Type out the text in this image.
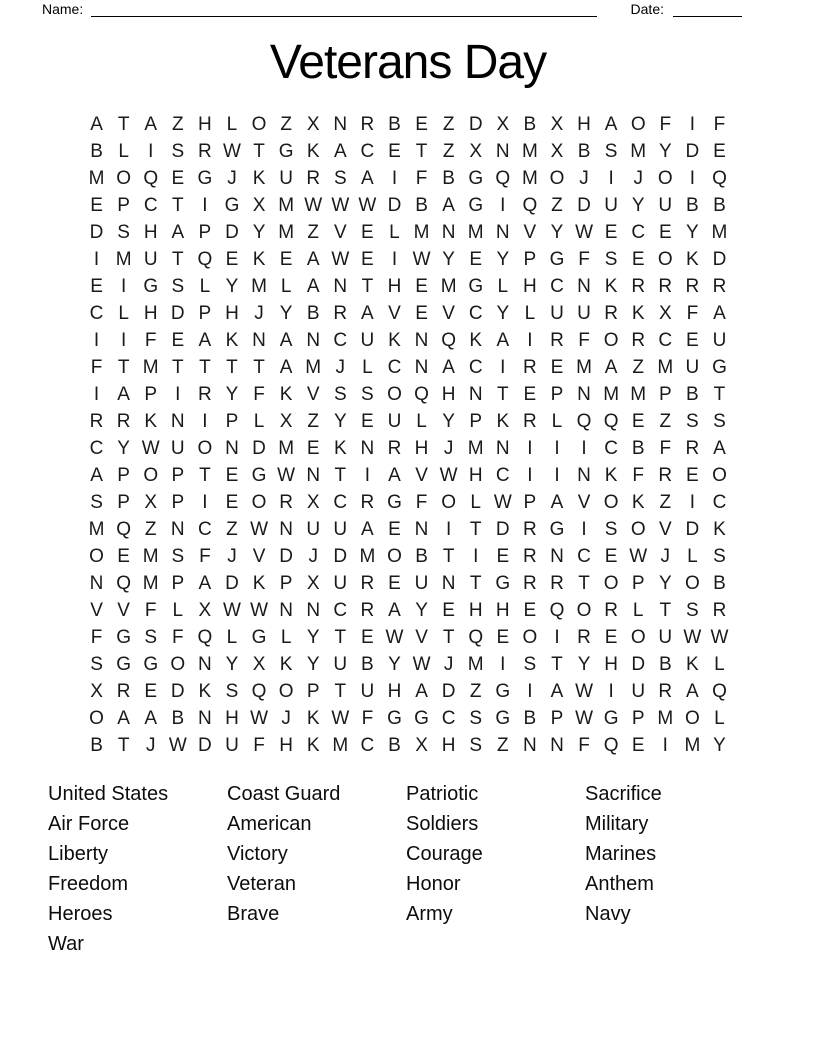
Name:	Date:
Veterans Day
A T A Z H L O Z X N R B E Z D X B X H A O F I F
B L	I S R W T G K A C E T Z X N M X B S M Y D E
M O Q E G J K U R S A I F B G Q M O J	I	J O I Q
E P C T I G X M W W W D B A G I Q Z D U Y U B B
D S H A P D Y M Z V E L M N M N V Y W E C E Y M
I M U T Q E K E A W E I W Y E Y P G F S E O K D
E I G S L Y M L A N T H E M G L H C N K R R R R
C L H D P H J Y B R A V E V C Y L U U R K X F A
I	I F E A K N A N C U K N Q K A I R F O R C E U
F T M T T T T A M J L C N A C I R E M A Z M U G
I A P I R Y F K V S S O Q H N T E P N M M P B T
R R K N I P L X Z Y E U L Y P K R L Q Q E Z S S
C Y W U O N D M E K N R H J M N I	I	I C B F R A
A P O P T E G W N T I A V W H C I	I N K F R E O
S P X P I E O R X C R G F O L W P A V O K Z I C
M Q Z N C Z W N U U A E N I T D R G I S O V D K
O E M S F J V D J D M O B T I E R N C E W J L S
N Q M P A D K P X U R E U N T G R R T O P Y O B
V V F L X W W N N C R A Y E H H E Q O R L T S R
F G S F Q L G L Y T E W V T Q E O I R E O U W W
S G G O N Y X K Y U B Y W J M I S T Y H D B K L
X R E D K S Q O P T U H A D Z G I A W I U R A Q
O A A B N H W J K W F G G C S G B P W G P M O L
B T J W D U F H K M C B X H S Z N N F Q E I M Y
United States
Air Force
Liberty
Freedom
Heroes
War
Coast Guard
American
Victory
Veteran
Brave
Patriotic
Soldiers
Courage
Honor
Army
Sacrifice
Military
Marines
Anthem
Navy
